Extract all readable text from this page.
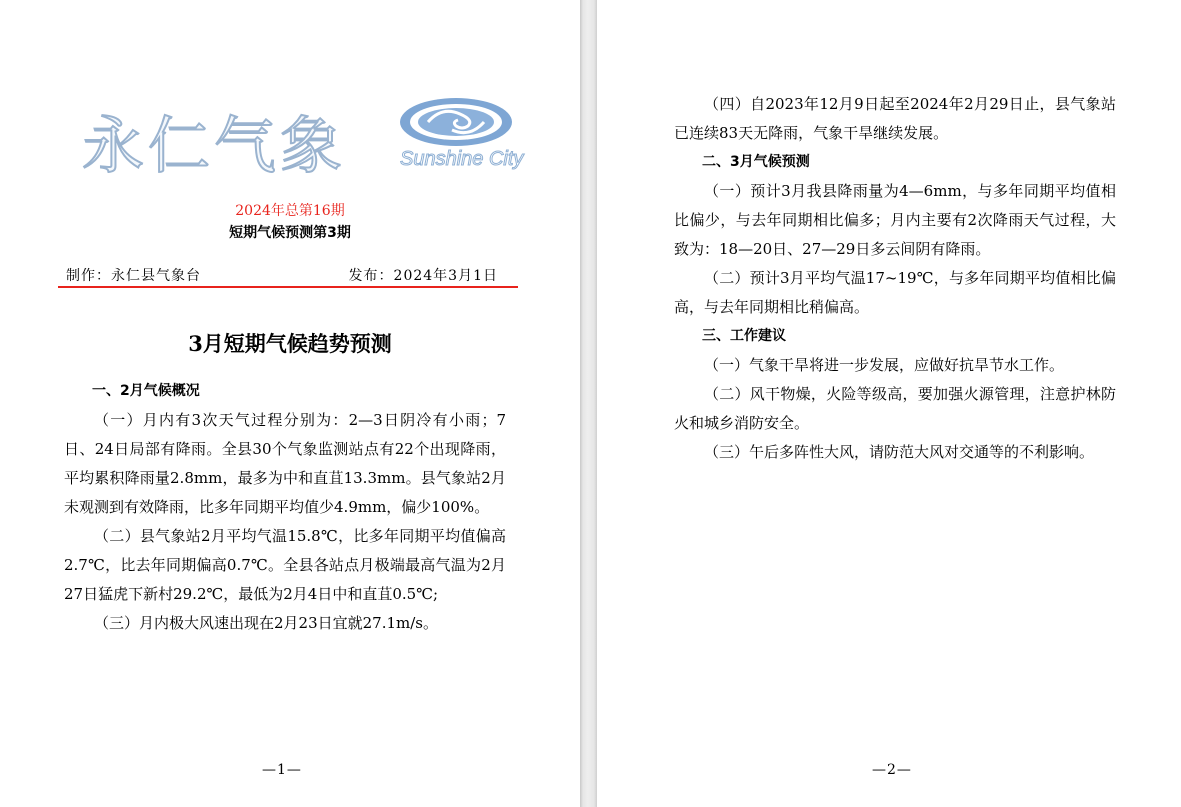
永仁气象	Sunshine City
2024年总第16期
短期气候预测第3期
制作：永仁县气象台	发布：2024年3月1日
3月短期气候趋势预测

一、2月气候概况

（一）月内有3次天气过程分别为：2—3日阴冷有小雨；7日、24日局部有降雨。全县30个气象监测站点有22个出现降雨，平均累积降雨量2.8mm，最多为中和直苴13.3mm。县气象站2月未观测到有效降雨，比多年同期平均值少4.9mm，偏少100%。

（二）县气象站2月平均气温15.8℃，比多年同期平均值偏高2.7℃，比去年同期偏高0.7℃。全县各站点月极端最高气温为2月27日猛虎下新村29.2℃，最低为2月4日中和直苴0.5℃;

（三）月内极大风速出现在2月23日宜就27.1m/s。

—1—

（四）自2023年12月9日起至2024年2月29日止，县气象站已连续83天无降雨，气象干旱继续发展。

二、3月气候预测

（一）预计3月我县降雨量为4—6mm，与多年同期平均值相比偏少，与去年同期相比偏多；月内主要有2次降雨天气过程，大致为：18—20日、27—29日多云间阴有降雨。

（二）预计3月平均气温17~19℃，与多年同期平均值相比偏高，与去年同期相比稍偏高。

三、工作建议

（一）气象干旱将进一步发展，应做好抗旱节水工作。

（二）风干物燥，火险等级高，要加强火源管理，注意护林防火和城乡消防安全。

（三）午后多阵性大风，请防范大风对交通等的不利影响。

—2—
